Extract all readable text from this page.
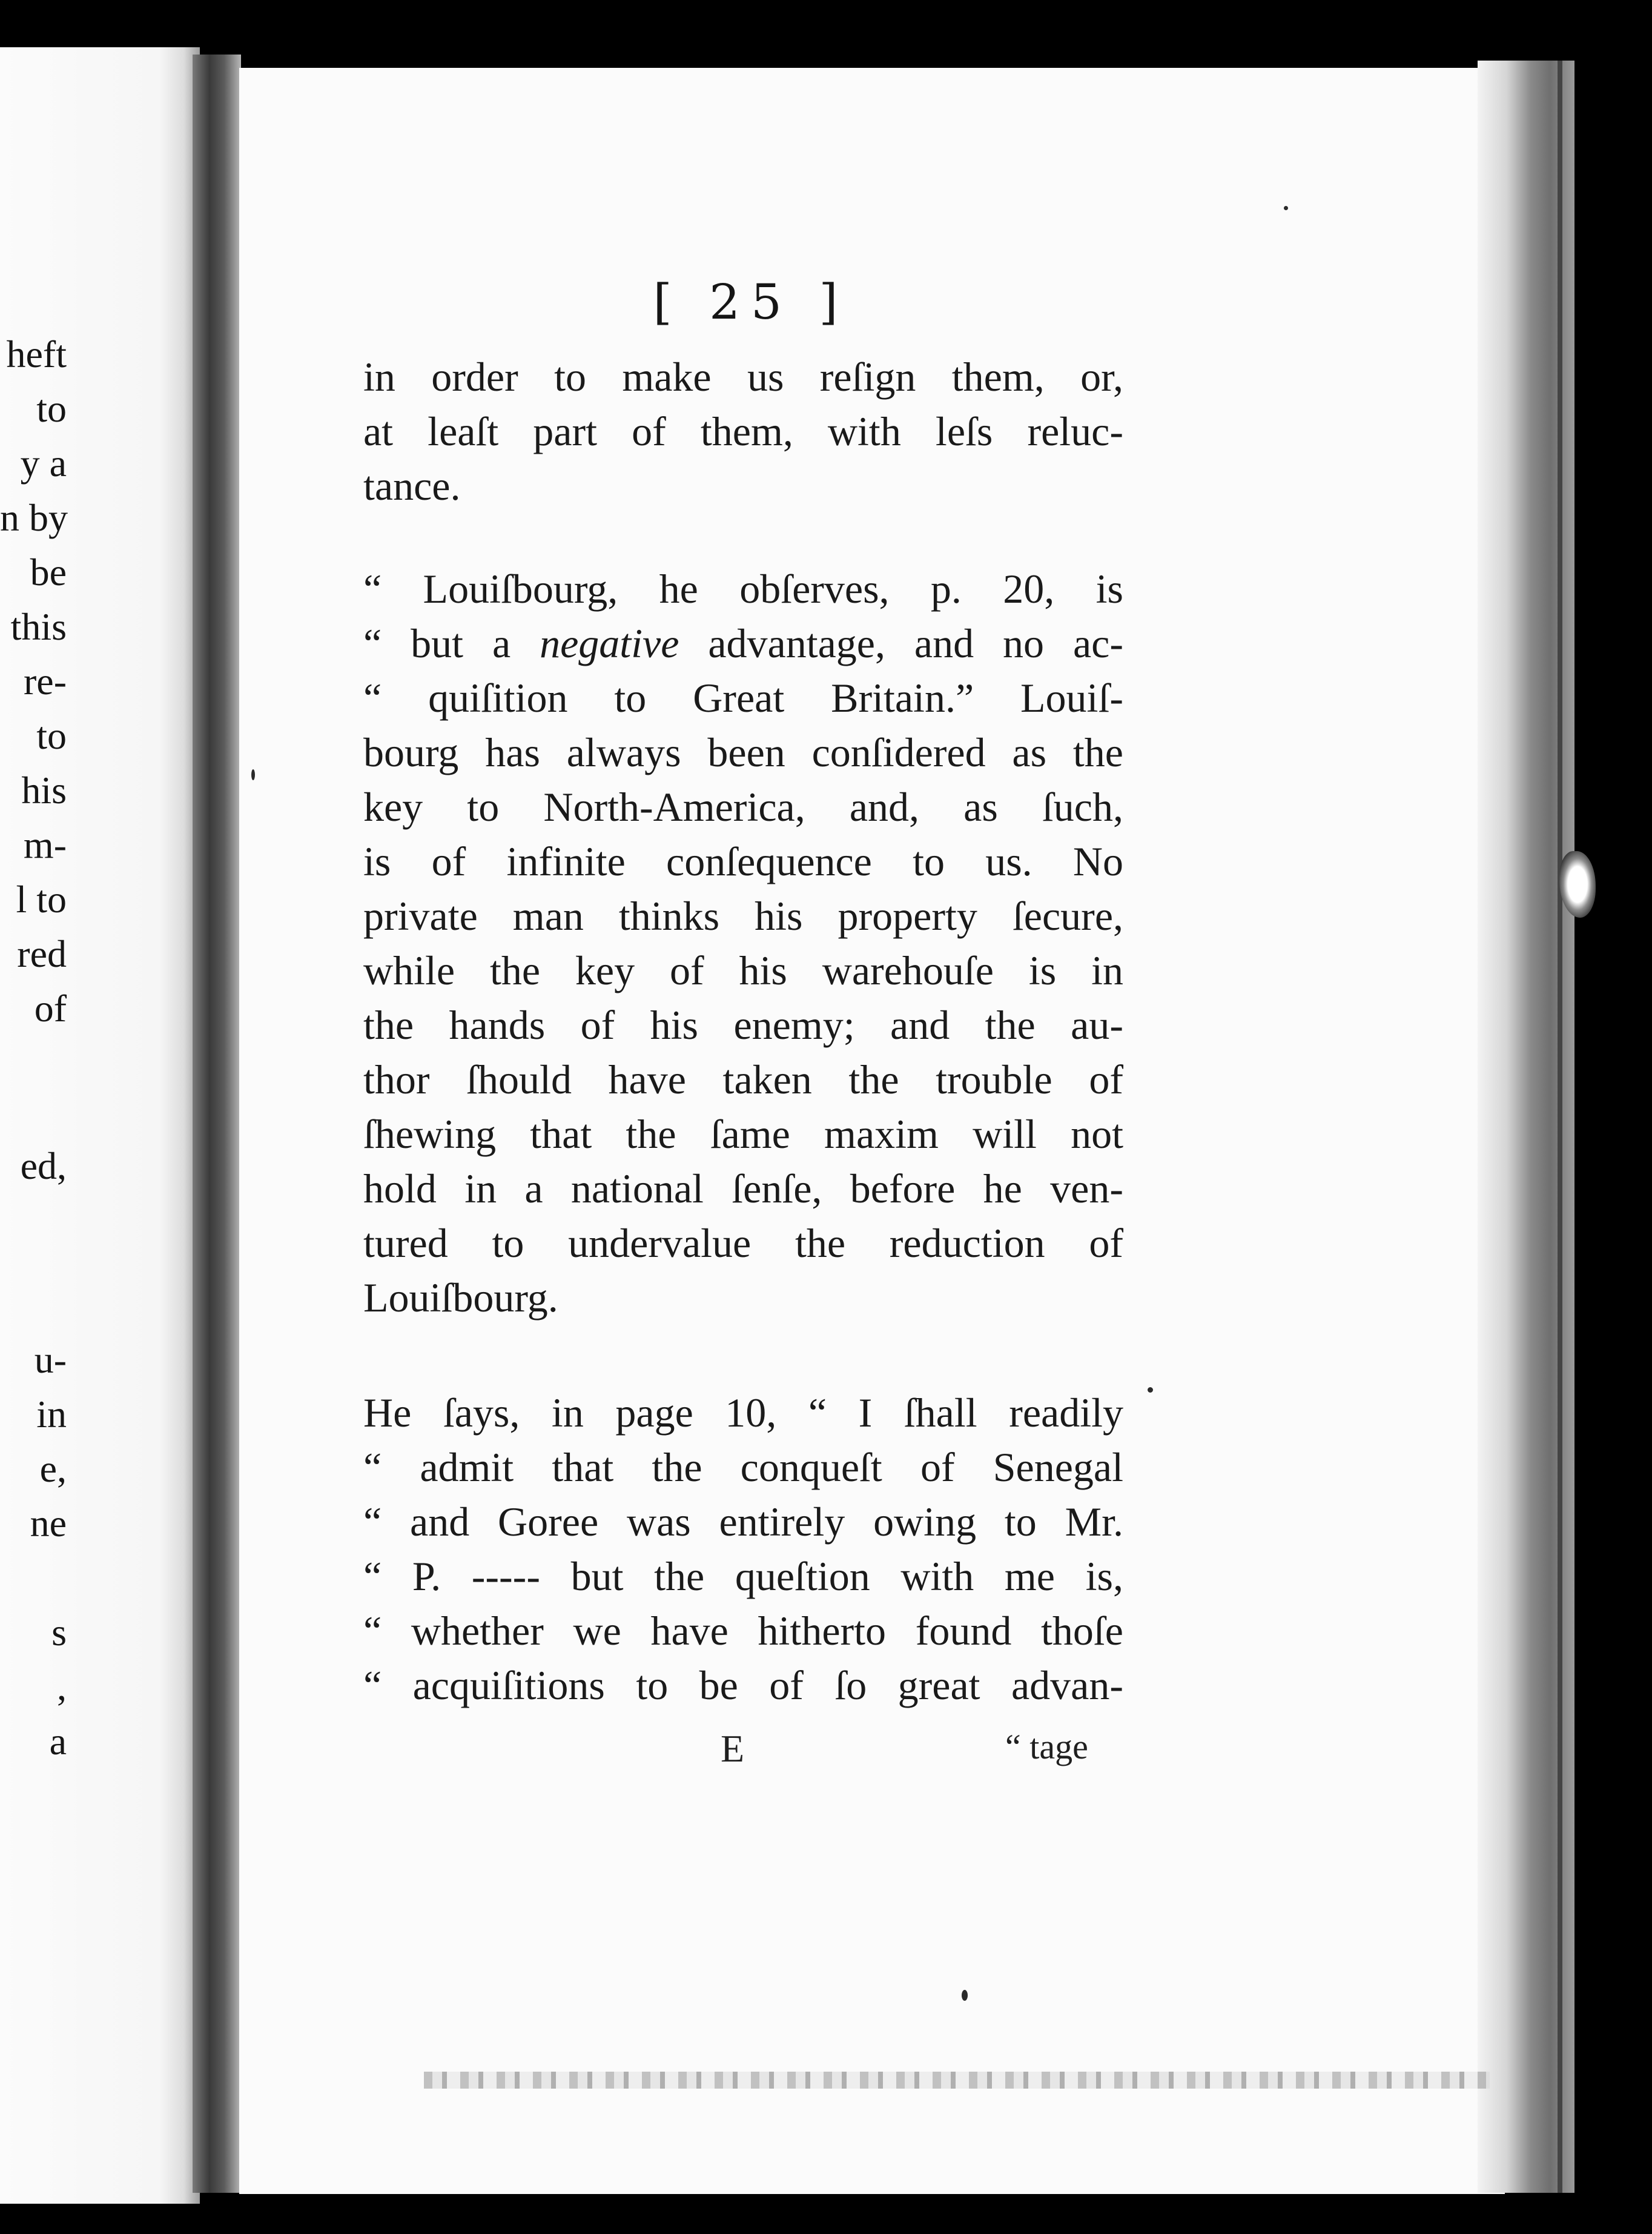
heft
to
y a
n by
be
this
re-
to
his
m-
l to
red
of
ed,
u-
in
e,
ne
s
,
a
[ 25 ]
in order to make us reſign them, or,
at leaſt part of them, with leſs reluc-
tance.
“ Louiſbourg, he obſerves, p. 20, is
“ but a negative advantage, and no ac-
“ quiſition to Great Britain.” Louiſ-
bourg has always been conſidered as the
key to North-America, and, as ſuch,
is of infinite conſequence to us. No
private man thinks his property ſecure,
while the key of his warehouſe is in
the hands of his enemy; and the au-
thor ſhould have taken the trouble of
ſhewing that the ſame maxim will not
hold in a national ſenſe, before he ven-
tured to undervalue the reduction of
Louiſbourg.
He ſays, in page 10, “ I ſhall readily
“ admit that the conqueſt of Senegal
“ and Goree was entirely owing to Mr.
“ P. ----- but the queſtion with me is,
“ whether we have hitherto found thoſe
“ acquiſitions to be of ſo great advan-
E	“ tage
